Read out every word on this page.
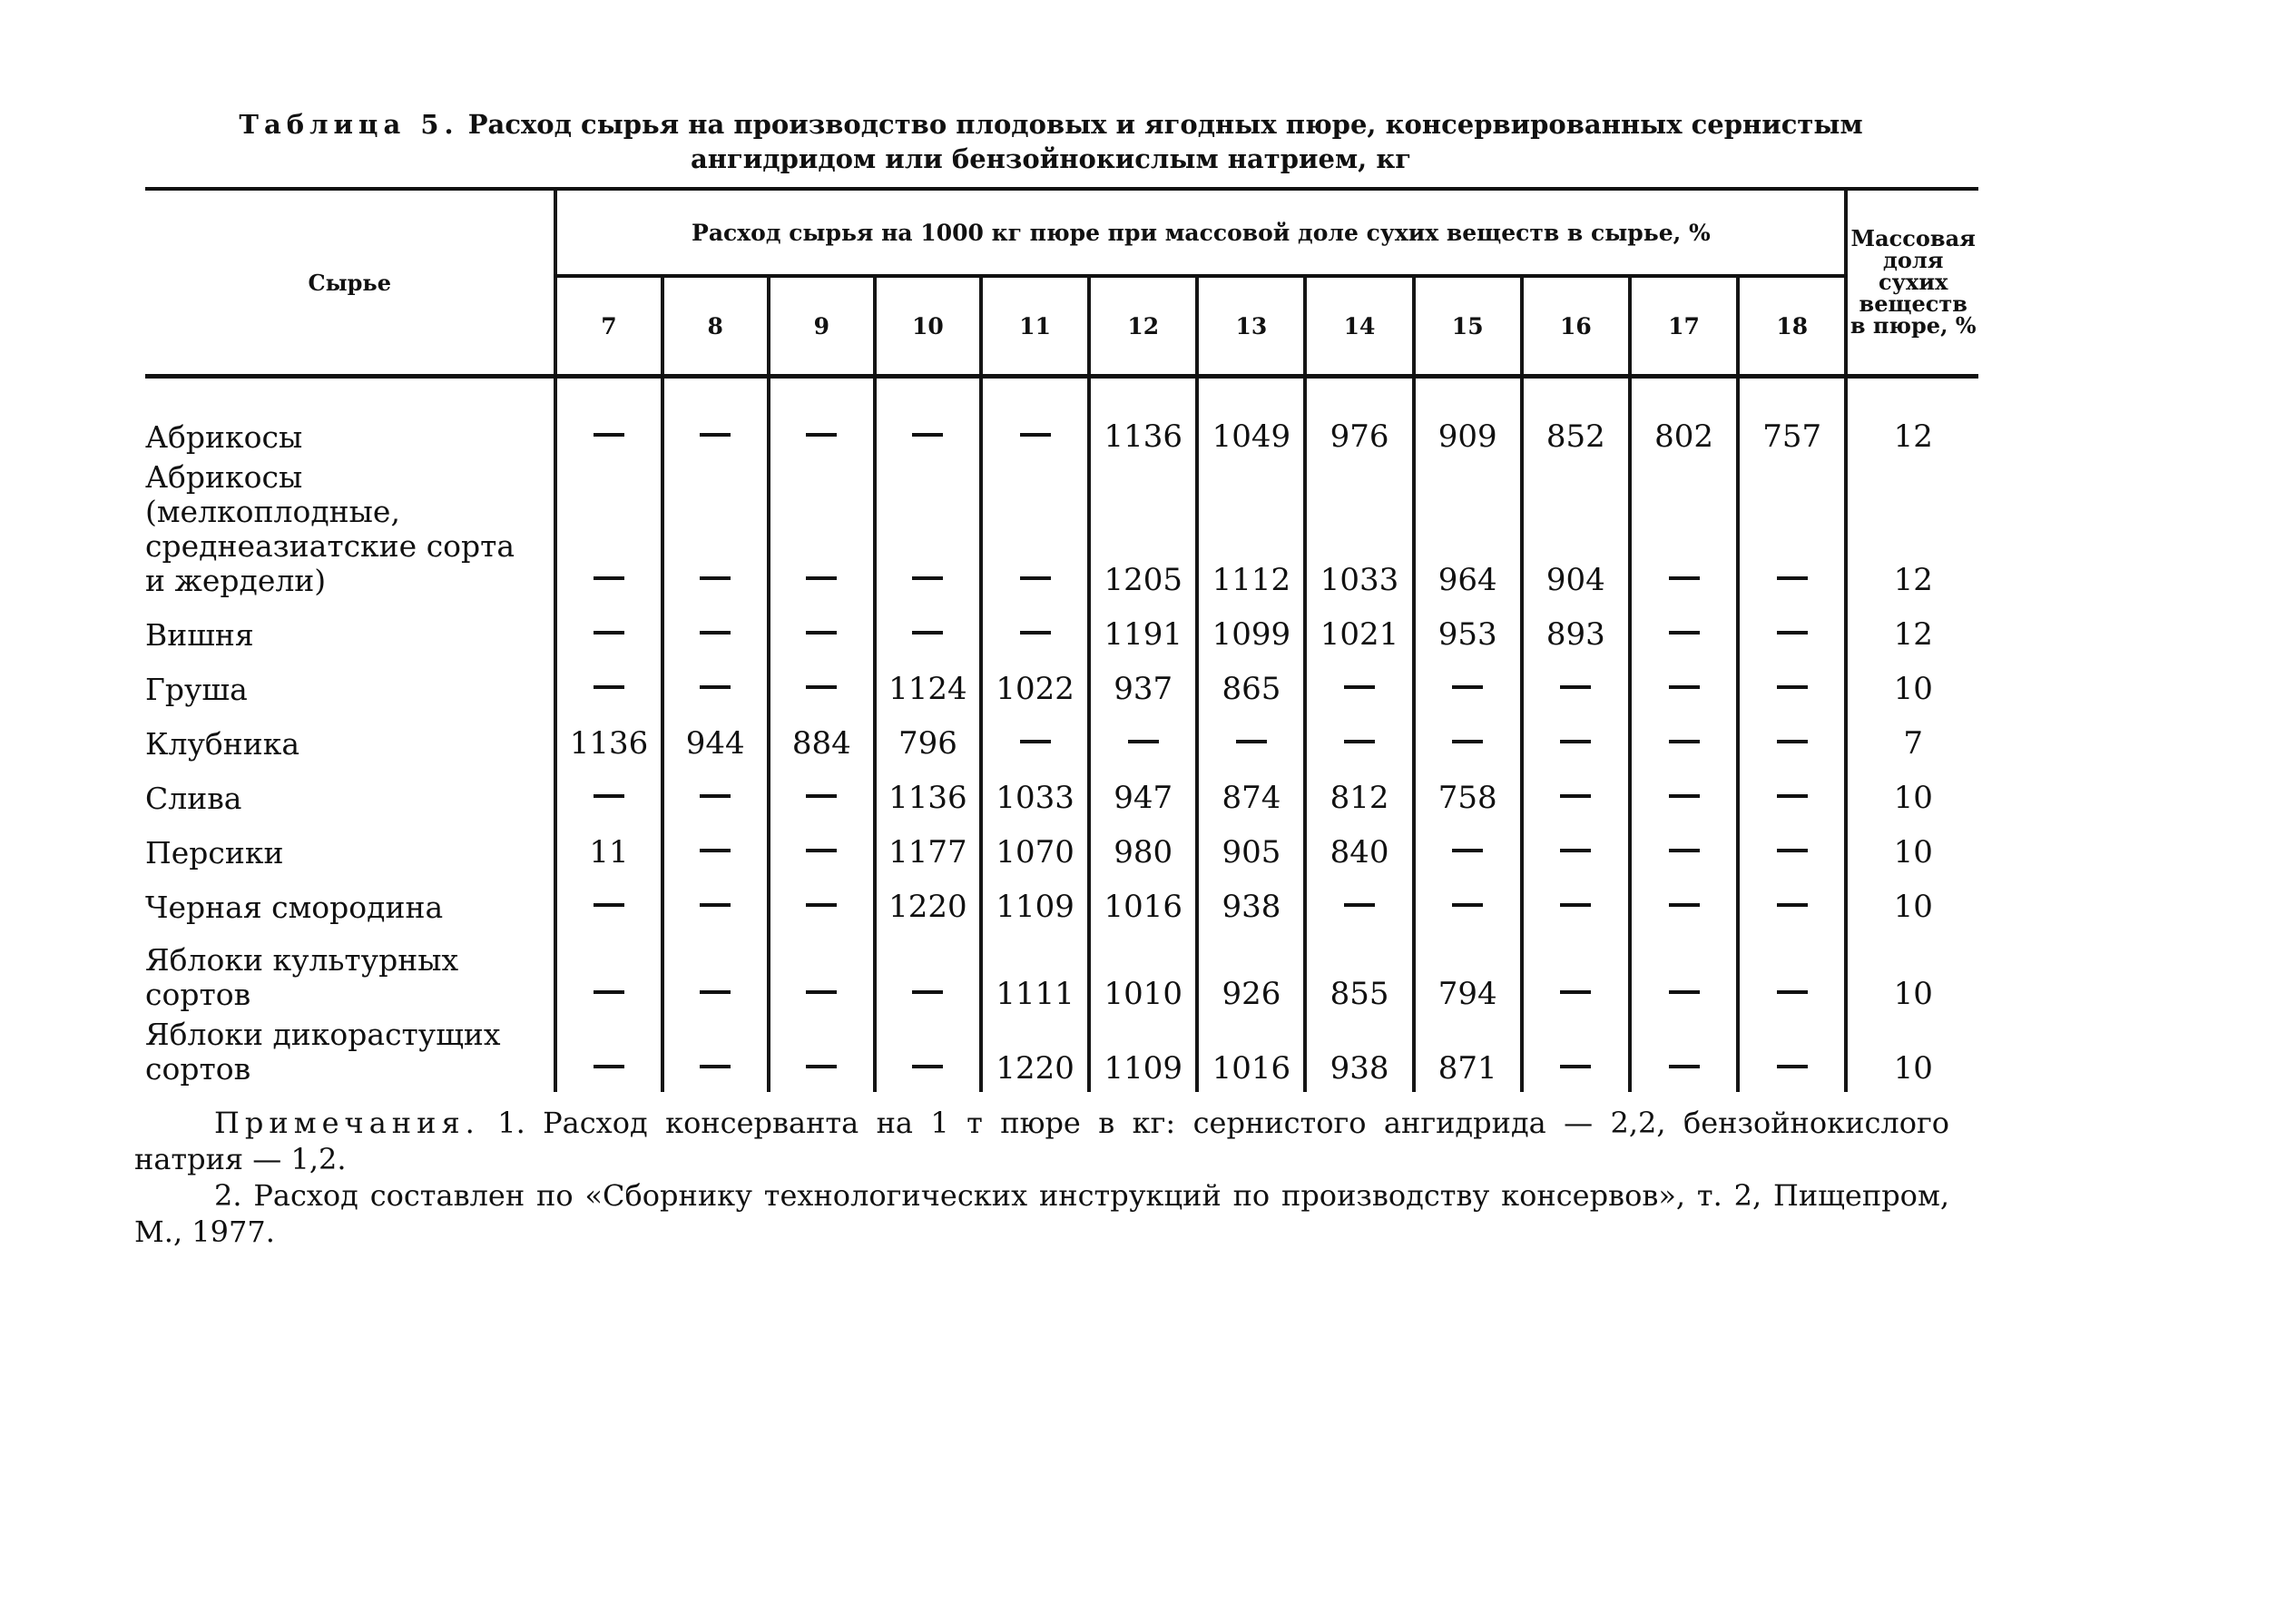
Таблица 5. Расход сырья на производство плодовых и ягодных пюре, консервированных сернистым
ангидридом или бензойнокислым натрием, кг
Сырье	Расход сырья на 1000 кг пюре при массовой доле сухих веществ в сырье, %												Массовая доля сухих веществ в пюре, %
	7	8	9	10	11	12	13	14	15	16	17	18	

Абрикосы						1136	1049	976	909	852	802	757	12
Абрикосы (мелкоплодные, среднеазиатские сорта и жердели)						1205	1112	1033	964	904			12
Вишня						1191	1099	1021	953	893			12
Груша				1124	1022	937	865						10
Клубника	1136	944	884	796									7
Слива				1136	1033	947	874	812	758				10
Персики	11			1177	1070	980	905	840					10
Черная смородина				1220	1109	1016	938						10
Яблоки культурных сортов					1111	1010	926	855	794				10
Яблоки дикорастущих сортов					1220	1109	1016	938	871				10

Примечания. 1. Расход консерванта на 1 т пюре в кг: сернистого ангидрида — 2,2, бензойнокислого натрия — 1,2.

2. Расход составлен по «Сборнику технологических инструкций по производству консервов», т. 2, Пищепром, М., 1977.
